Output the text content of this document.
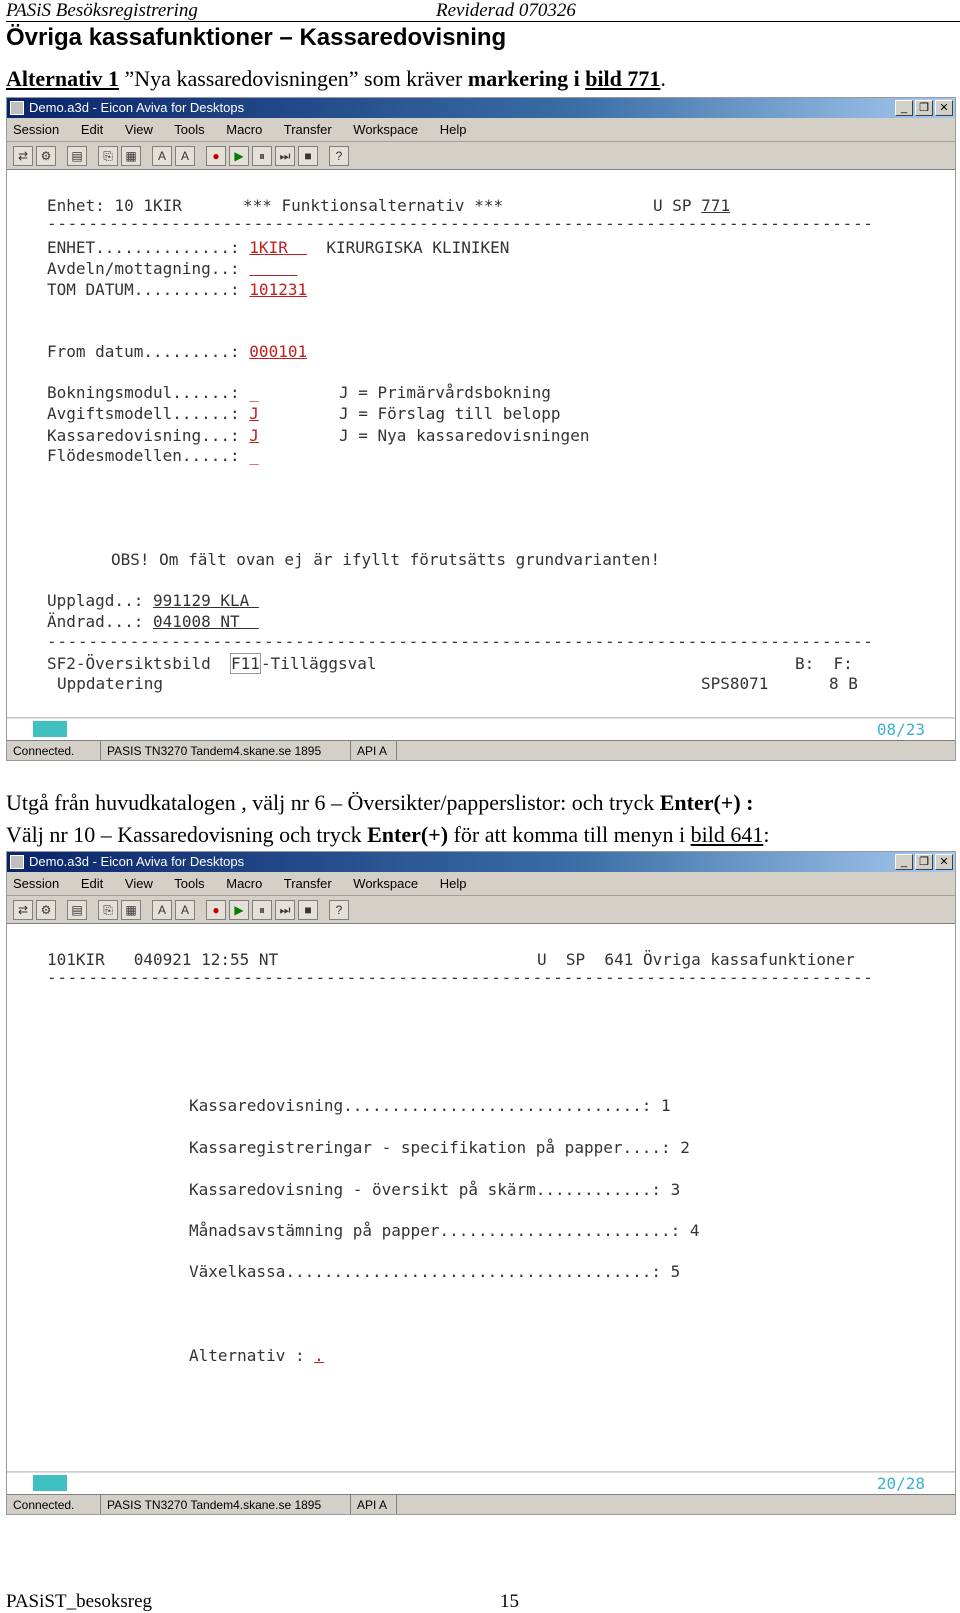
PASiS Besöksregistrering	Reviderad 070326
Övriga kassafunktioner – Kassaredovisning
Alternativ 1 ”Nya kassaredovisningen” som kräver markering i bild 771.
Demo.a3d - Eicon Aviva for Desktops	_	❐ ✕
Session Edit View Tools Macro Transfer Workspace Help
⇄	⚙	▤	⎘	▦	A	A	●	▶	⏸	⏭	■	?
Enhet: 10 1KIR	*** Funktionsalternativ ***	U SP 771
--------------------------------------------------------------------------------
ENHET..............: 1KIR    KIRURGISKA KLINIKEN
Avdeln/mottagning..:
TOM DATUM..........: 101231
From datum.........: 000101
Bokningsmodul......: _	J = Primärvårdsbokning
Avgiftsmodell......: J	J = Förslag till belopp
Kassaredovisning...: J	J = Nya kassaredovisningen
Flödesmodellen.....: _
OBS! Om fält ovan ej är ifyllt förutsätts grundvarianten!
Upplagd..: 991129 KLA
Ändrad...: 041008 NT
--------------------------------------------------------------------------------
SF2-Översiktsbild F11-Tilläggsval	B:  F:
Uppdatering	SPS8071	8 B
08/23
Connected.	PASIS TN3270 Tandem4.skane.se 1895	API A
Utgå från huvudkatalogen , välj nr 6 – Översikter/papperslistor: och tryck Enter(+) :
Välj nr 10 – Kassaredovisning och tryck Enter(+) för att komma till menyn i bild 641:
Demo.a3d - Eicon Aviva for Desktops	_	❐ ✕
Session Edit View Tools Macro Transfer Workspace Help
⇄	⚙	▤	⎘	▦	A	A	●	▶	⏸	⏭	■	?
101KIR   040921 12:55 NT	U  SP  641 Övriga kassafunktioner
--------------------------------------------------------------------------------
Kassaredovisning...............................: 1
Kassaregistreringar - specifikation på papper....: 2
Kassaredovisning - översikt på skärm............: 3
Månadsavstämning på papper........................: 4
Växelkassa......................................: 5
Alternativ : .
20/28
Connected.	PASIS TN3270 Tandem4.skane.se 1895	API A
PASiST_besoksreg	15
